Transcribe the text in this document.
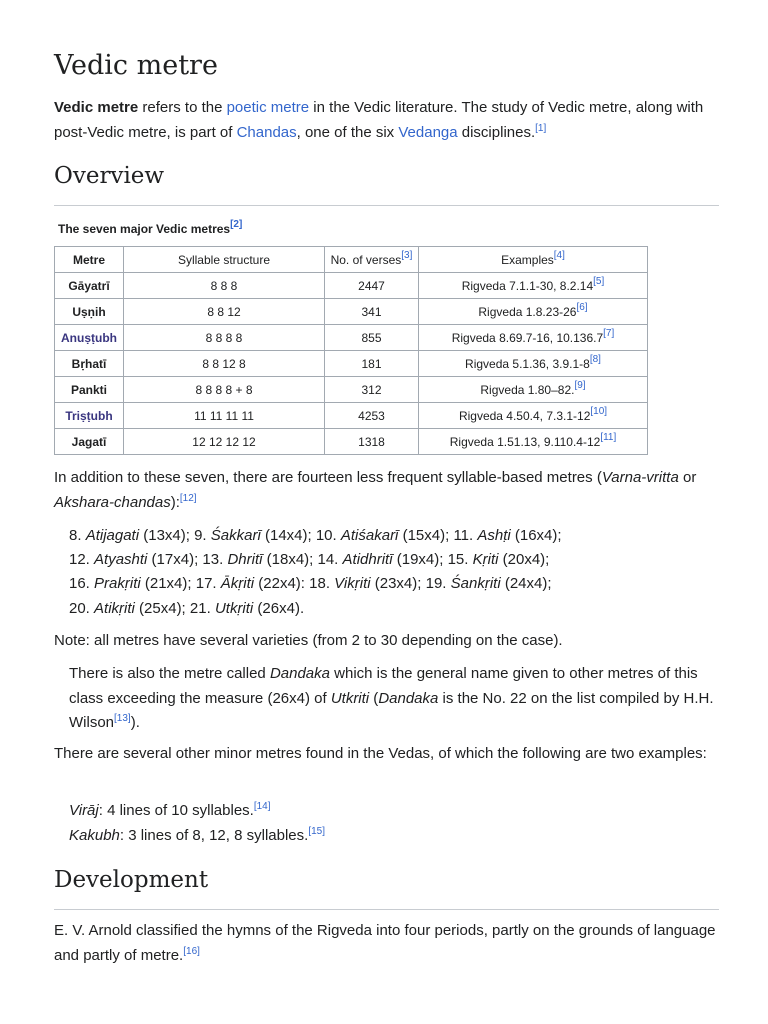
Vedic metre
Vedic metre refers to the poetic metre in the Vedic literature. The study of Vedic metre, along with post-Vedic metre, is part of Chandas, one of the six Vedanga disciplines.[1]
Overview
The seven major Vedic metres[2]
Metre	Syllable structure	No. of verses[3]	Examples[4]
Gāyatrī	8 8 8	2447	Rigveda 7.1.1-30, 8.2.14[5]
Uṣṇih	8 8 12	341	Rigveda 1.8.23-26[6]
Anuṣṭubh	8 8 8 8	855	Rigveda 8.69.7-16, 10.136.7[7]
Bṛhatī	8 8 12 8	181	Rigveda 5.1.36, 3.9.1-8[8]
Pankti	8 8 8 8 + 8	312	Rigveda 1.80–82.[9]
Triṣṭubh	11 11 11 11	4253	Rigveda 4.50.4, 7.3.1-12[10]
Jagatī	12 12 12 12	1318	Rigveda 1.51.13, 9.110.4-12[11]
In addition to these seven, there are fourteen less frequent syllable-based metres (Varna-vritta or Akshara-chandas):[12]
8. Atijagati (13x4); 9. Śakkarī (14x4); 10. Atiśakarī (15x4); 11. Ashṭi (16x4);
12. Atyashti (17x4); 13. Dhritī (18x4); 14. Atidhritī (19x4); 15. Kṛiti (20x4);
16. Prakṛiti (21x4); 17. Ākṛiti (22x4): 18. Vikṛiti (23x4); 19. Śankṛiti (24x4);
20. Atikṛiti (25x4); 21. Utkṛiti (26x4).
Note: all metres have several varieties (from 2 to 30 depending on the case).
There is also the metre called Dandaka which is the general name given to other metres of this class exceeding the measure (26x4) of Utkriti (Dandaka is the No. 22 on the list compiled by H.H. Wilson[13]).
There are several other minor metres found in the Vedas, of which the following are two examples:
Virāj: 4 lines of 10 syllables.[14]
Kakubh: 3 lines of 8, 12, 8 syllables.[15]
Development
E. V. Arnold classified the hymns of the Rigveda into four periods, partly on the grounds of language and partly of metre.[16]
